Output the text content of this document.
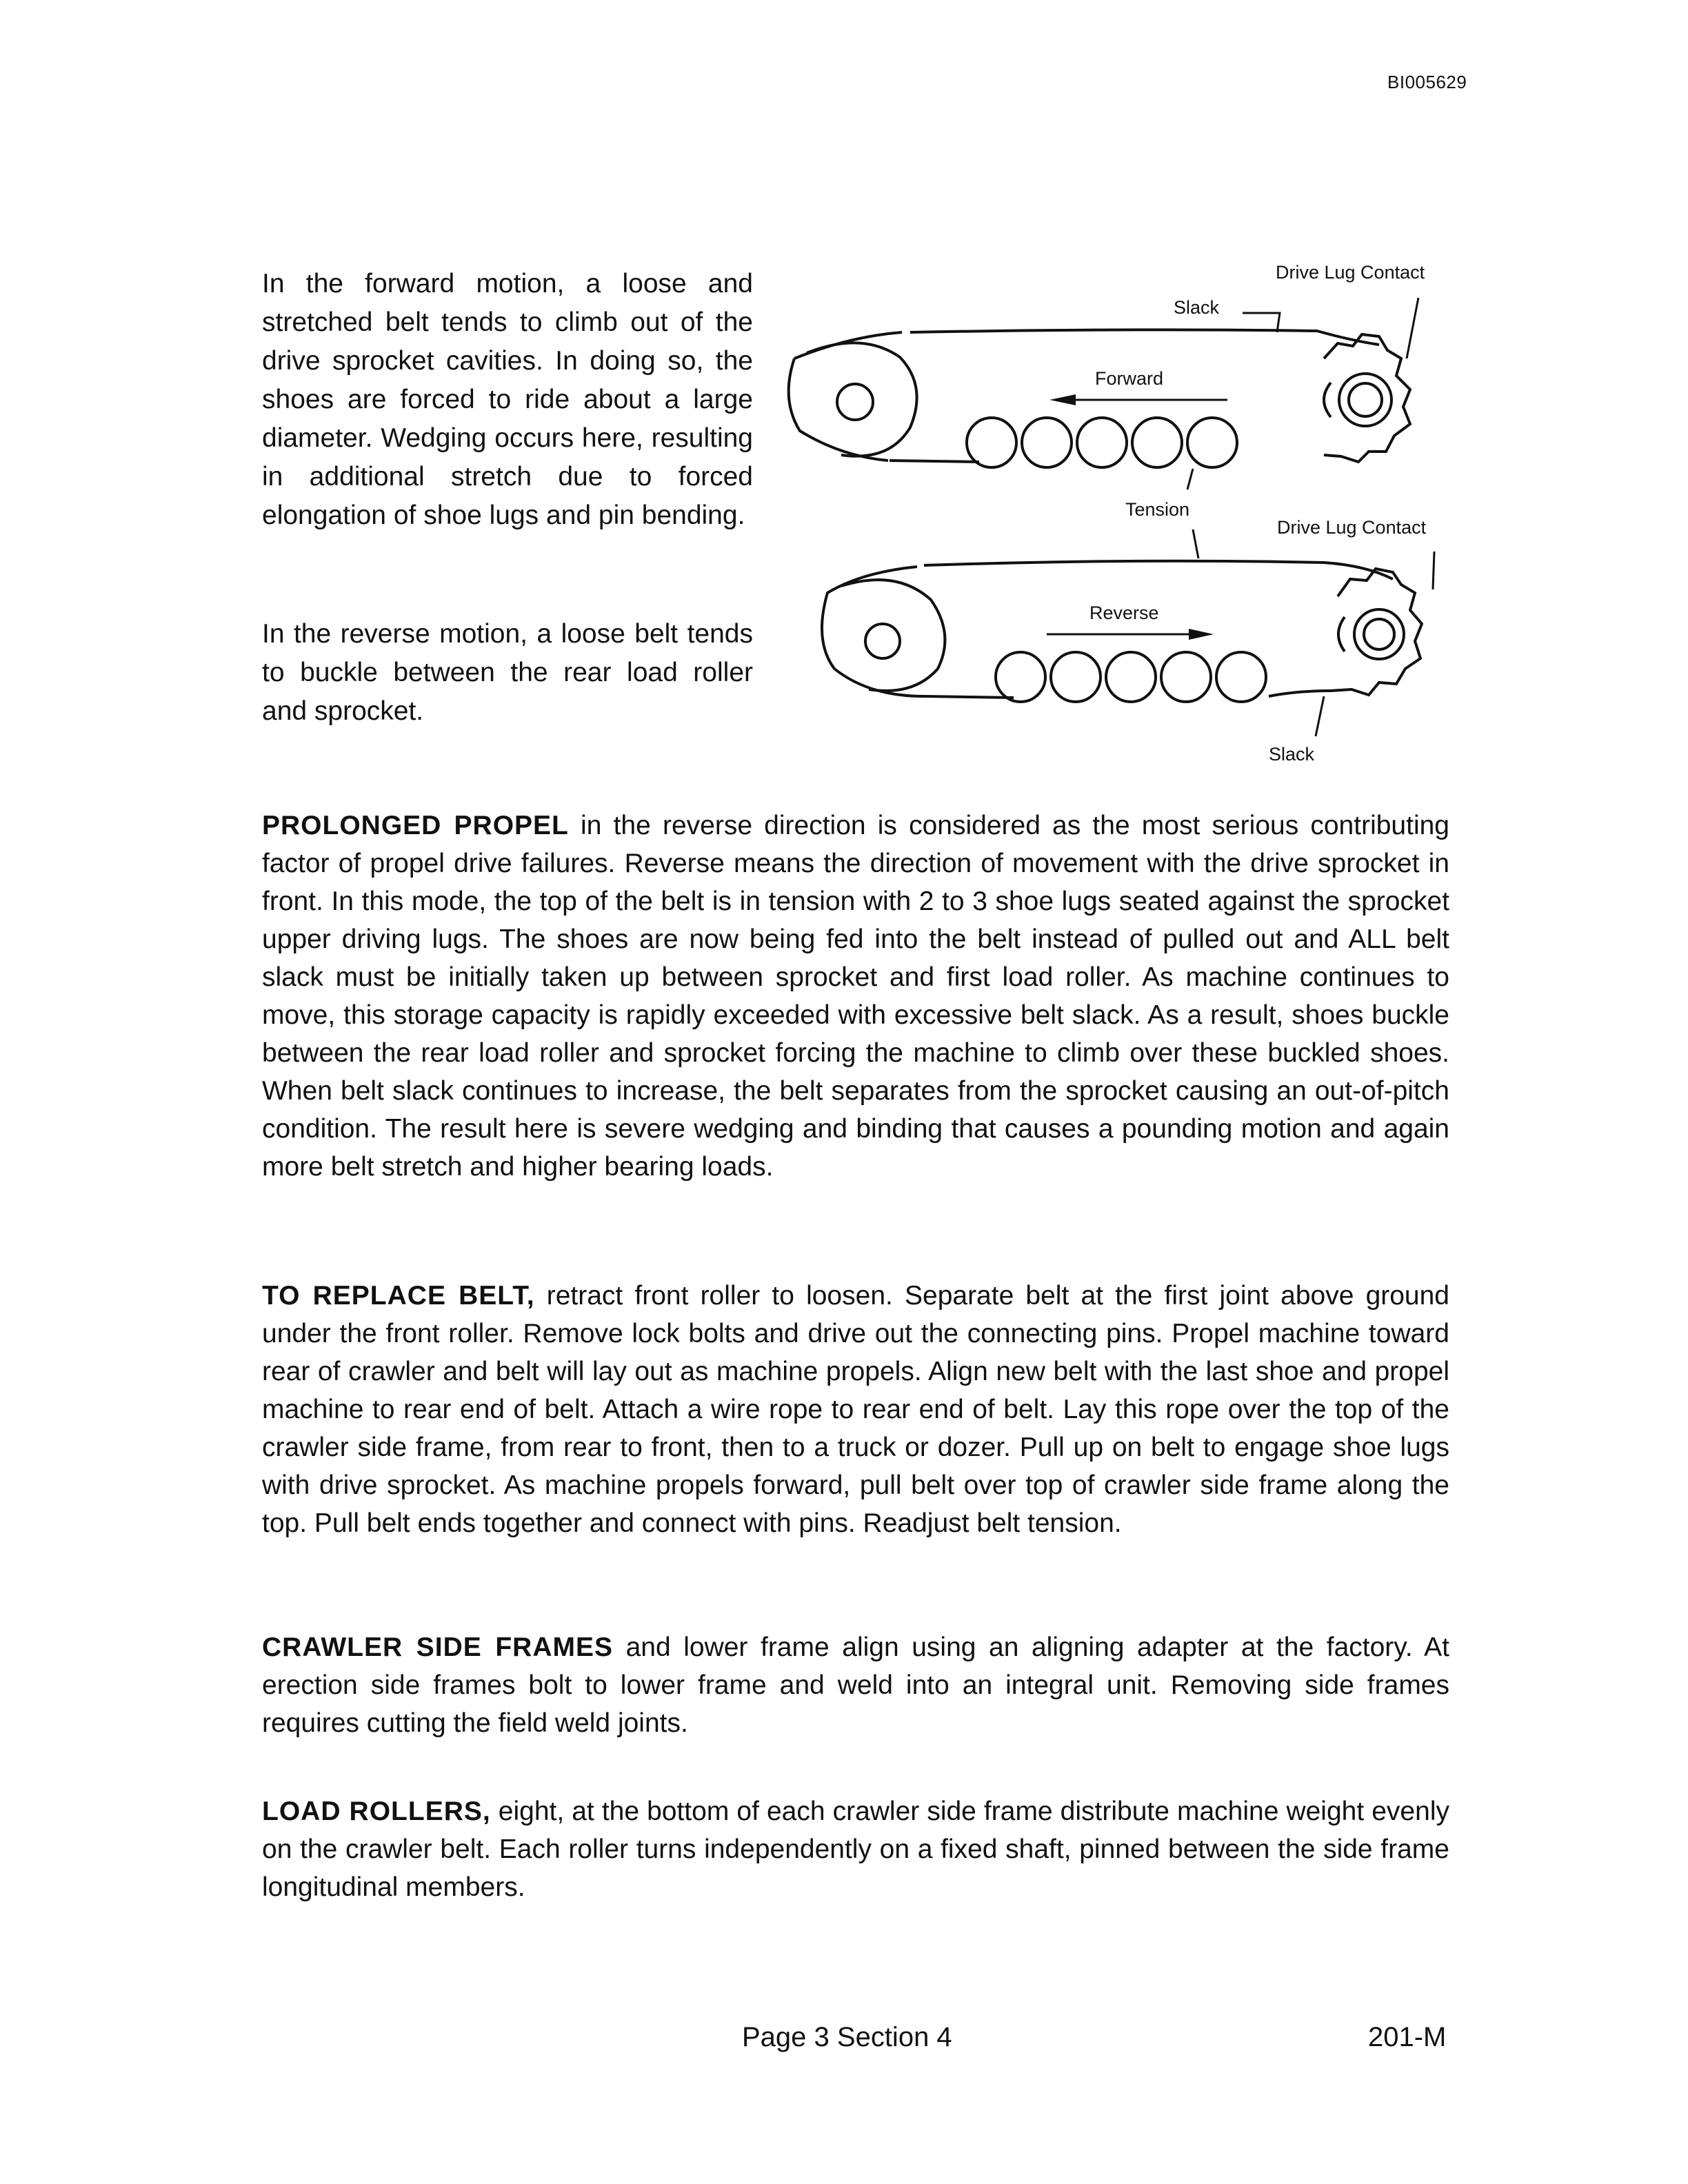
BI005629

In the forward motion, a loose and stretched belt tends to climb out of the drive sprocket cavities. In doing so, the shoes are forced to ride about a large diameter. Wedging occurs here, resulting in additional stretch due to forced elongation of shoe lugs and pin bending.

In the reverse motion, a loose belt tends to buckle between the rear load roller and sprocket.

Drive Lug Contact
Slack
Forward
Tension
Drive Lug Contact
Reverse
Slack

PROLONGED PROPEL in the reverse direction is considered as the most serious contributing factor of propel drive failures. Reverse means the direction of movement with the drive sprocket in front. In this mode, the top of the belt is in tension with 2 to 3 shoe lugs seated against the sprocket upper driving lugs. The shoes are now being fed into the belt instead of pulled out and ALL belt slack must be initially taken up between sprocket and first load roller. As machine continues to move, this storage capacity is rapidly exceeded with excessive belt slack. As a result, shoes buckle between the rear load roller and sprocket forcing the machine to climb over these buckled shoes. When belt slack continues to increase, the belt separates from the sprocket causing an out-of-pitch condition. The result here is severe wedging and binding that causes a pounding motion and again more belt stretch and higher bearing loads.

TO REPLACE BELT, retract front roller to loosen. Separate belt at the first joint above ground under the front roller. Remove lock bolts and drive out the connecting pins. Propel machine toward rear of crawler and belt will lay out as machine propels. Align new belt with the last shoe and propel machine to rear end of belt. Attach a wire rope to rear end of belt. Lay this rope over the top of the crawler side frame, from rear to front, then to a truck or dozer. Pull up on belt to engage shoe lugs with drive sprocket. As machine propels forward, pull belt over top of crawler side frame along the top. Pull belt ends together and connect with pins. Readjust belt tension.

CRAWLER SIDE FRAMES and lower frame align using an aligning adapter at the factory. At erection side frames bolt to lower frame and weld into an integral unit. Removing side frames requires cutting the field weld joints.

LOAD ROLLERS, eight, at the bottom of each crawler side frame distribute machine weight evenly on the crawler belt. Each roller turns independently on a fixed shaft, pinned between the side frame longitudinal members.

Page 3 Section 4	201-M
